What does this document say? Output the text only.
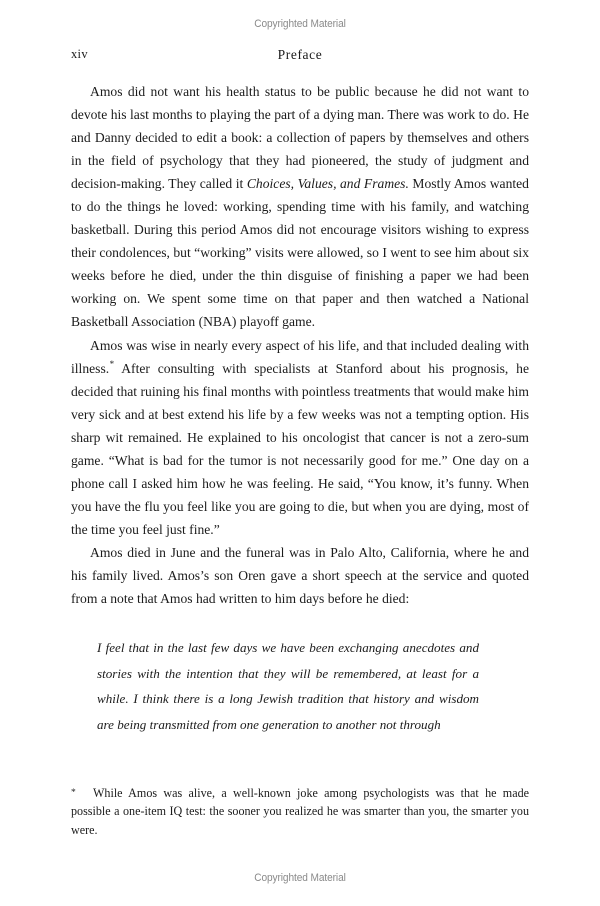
Copyrighted Material
xiv	Preface

Amos did not want his health status to be public because he did not want to devote his last months to playing the part of a dying man. There was work to do. He and Danny decided to edit a book: a collection of papers by themselves and others in the field of psychology that they had pioneered, the study of judgment and decision-making. They called it Choices, Values, and Frames. Mostly Amos wanted to do the things he loved: working, spending time with his family, and watching basketball. During this period Amos did not encourage visitors wishing to express their condolences, but “working” visits were allowed, so I went to see him about six weeks before he died, under the thin disguise of finishing a paper we had been working on. We spent some time on that paper and then watched a National Basketball Association (NBA) playoff game.

Amos was wise in nearly every aspect of his life, and that included dealing with illness.* After consulting with specialists at Stanford about his prognosis, he decided that ruining his final months with pointless treatments that would make him very sick and at best extend his life by a few weeks was not a tempting option. His sharp wit remained. He explained to his oncologist that cancer is not a zero-sum game. “What is bad for the tumor is not necessarily good for me.” One day on a phone call I asked him how he was feeling. He said, “You know, it’s funny. When you have the flu you feel like you are going to die, but when you are dying, most of the time you feel just fine.”

Amos died in June and the funeral was in Palo Alto, California, where he and his family lived. Amos’s son Oren gave a short speech at the service and quoted from a note that Amos had written to him days before he died:

I feel that in the last few days we have been exchanging anecdotes and stories with the intention that they will be remembered, at least for a while. I think there is a long Jewish tradition that history and wisdom are being transmitted from one generation to another not through

* While Amos was alive, a well-known joke among psychologists was that he made possible a one-item IQ test: the sooner you realized he was smarter than you, the smarter you were.

Copyrighted Material
